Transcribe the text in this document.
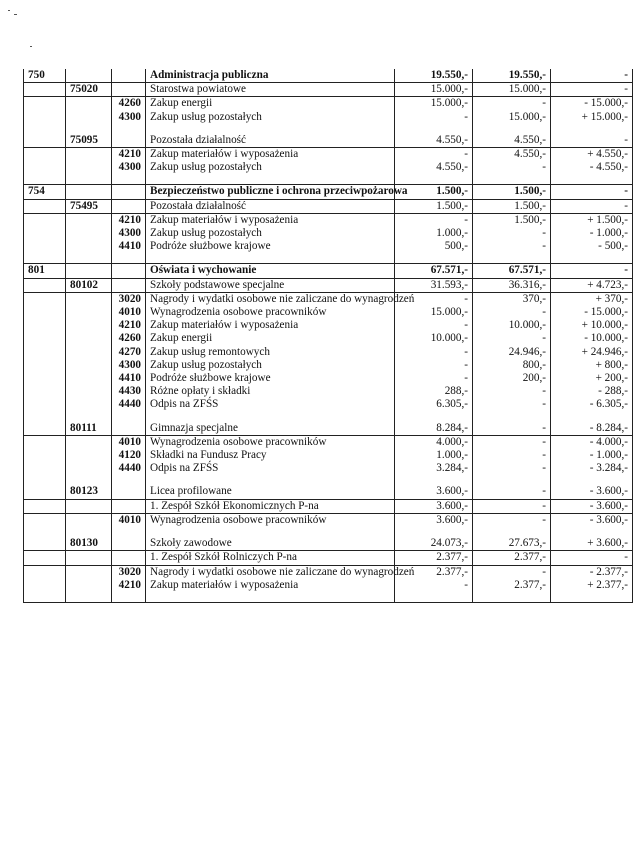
750			Administracja publiczna	19.550,-	19.550,-	-
	75020		Starostwa powiatowe	15.000,-	15.000,-	-
		4260	Zakup energii	15.000,-	-	- 15.000,-
		4300	Zakup usług pozostałych	-	15.000,-	+ 15.000,-

	75095		Pozostała działalność	4.550,-	4.550,-	-
		4210	Zakup materiałów i wyposażenia	-	4.550,-	+ 4.550,-
		4300	Zakup usług pozostałych	4.550,-	-	- 4.550,-

754			Bezpieczeństwo publiczne i ochrona przeciwpożarowa	1.500,-	1.500,-	-
	75495		Pozostała działalność	1.500,-	1.500,-	-
		4210	Zakup materiałów i wyposażenia	-	1.500,-	+ 1.500,-
		4300	Zakup usług pozostałych	1.000,-	-	- 1.000,-
		4410	Podróże służbowe krajowe	500,-	-	- 500,-

801			Oświata i wychowanie	67.571,-	67.571,-	-
	80102		Szkoły podstawowe specjalne	31.593,-	36.316,-	+ 4.723,-
		3020	Nagrody i wydatki osobowe nie zaliczane do wynagrodzeń	-	370,-	+ 370,-
		4010	Wynagrodzenia osobowe pracowników	15.000,-	-	- 15.000,-
		4210	Zakup materiałów i wyposażenia	-	10.000,-	+ 10.000,-
		4260	Zakup energii	10.000,-	-	- 10.000,-
		4270	Zakup usług remontowych	-	24.946,-	+ 24.946,-
		4300	Zakup usług pozostałych	-	800,-	+ 800,-
		4410	Podróże służbowe krajowe	-	200,-	+ 200,-
		4430	Różne opłaty i składki	288,-	-	- 288,-
		4440	Odpis na ZFŚS	6.305,-	-	- 6.305,-

	80111		Gimnazja specjalne	8.284,-	-	- 8.284,-
		4010	Wynagrodzenia osobowe pracowników	4.000,-	-	- 4.000,-
		4120	Składki na Fundusz Pracy	1.000,-	-	- 1.000,-
		4440	Odpis na ZFŚS	3.284,-	-	- 3.284,-

	80123		Licea profilowane	3.600,-	-	- 3.600,-
			1. Zespół Szkół Ekonomicznych P-na	3.600,-	-	- 3.600,-
		4010	Wynagrodzenia osobowe pracowników	3.600,-	-	- 3.600,-

	80130		Szkoły zawodowe	24.073,-	27.673,-	+ 3.600,-
			1. Zespół Szkół Rolniczych P-na	2.377,-	2.377,-	-
		3020	Nagrody i wydatki osobowe nie zaliczane do wynagrodzeń	2.377,-	-	- 2.377,-
		4210	Zakup materiałów i wyposażenia	-	2.377,-	+ 2.377,-
